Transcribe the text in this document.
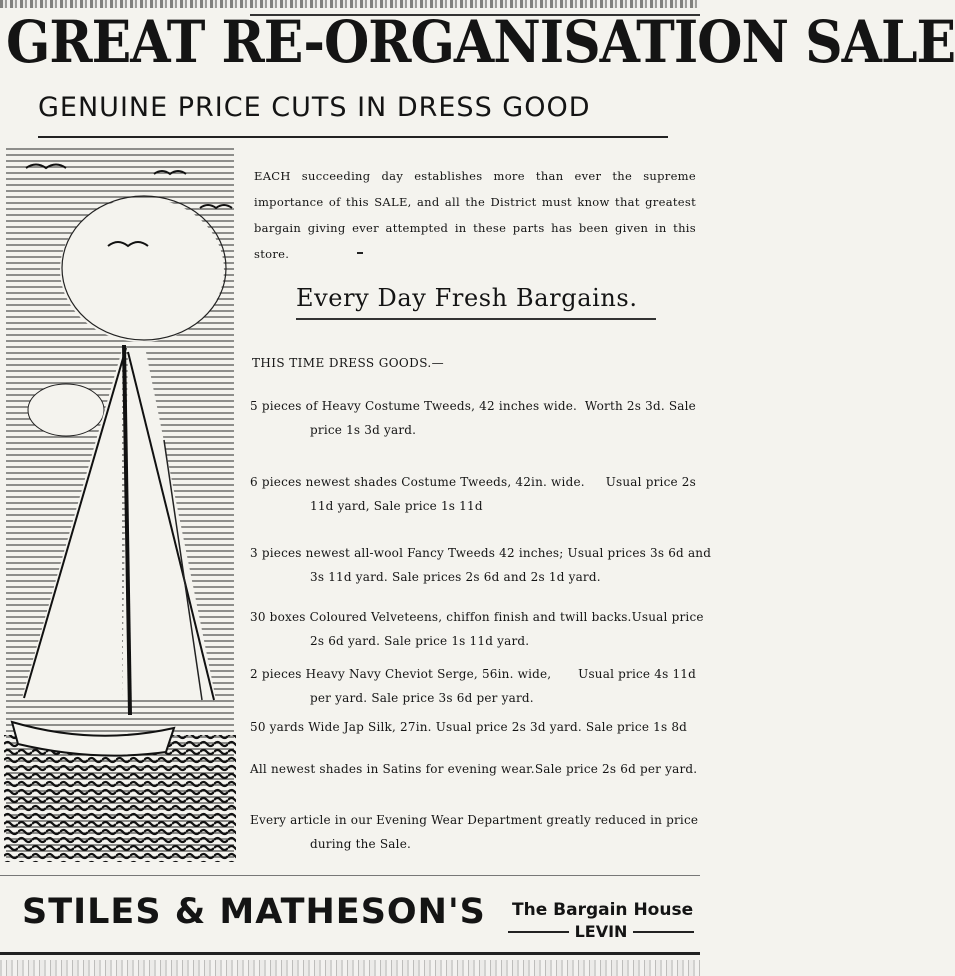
GREAT RE-ORGANISATION SALE
GENUINE PRICE CUTS IN DRESS GOOD
EACH succeeding day establishes more than ever the supreme importance of this SALE, and all the District must know that greatest bargain giving ever attempted in these parts has been given in this store.
Every Day Fresh Bargains.
THIS TIME DRESS GOODS.—
5 pieces of Heavy Costume Tweeds, 42 inches wide. Worth 2s 3d. Sale
price 1s 3d yard.
6 pieces newest shades Costume Tweeds, 42in. wide. Usual price 2s
11d yard, Sale price 1s 11d
3 pieces newest all-wool Fancy Tweeds 42 inches; Usual prices 3s 6d and
3s 11d yard. Sale prices 2s 6d and 2s 1d yard.
30 boxes Coloured Velveteens, chiffon finish and twill backs. Usual price
2s 6d yard. Sale price 1s 11d yard.
2 pieces Heavy Navy Cheviot Serge, 56in. wide, Usual price 4s 11d
per yard. Sale price 3s 6d per yard.
50 yards Wide Jap Silk, 27in. Usual price 2s 3d yard. Sale price 1s 8d
All newest shades in Satins for evening wear. Sale price 2s 6d per yard.
Every article in our Evening Wear Department greatly reduced in price
during the Sale.
STILES & MATHESON'S The Bargain House
LEVIN
